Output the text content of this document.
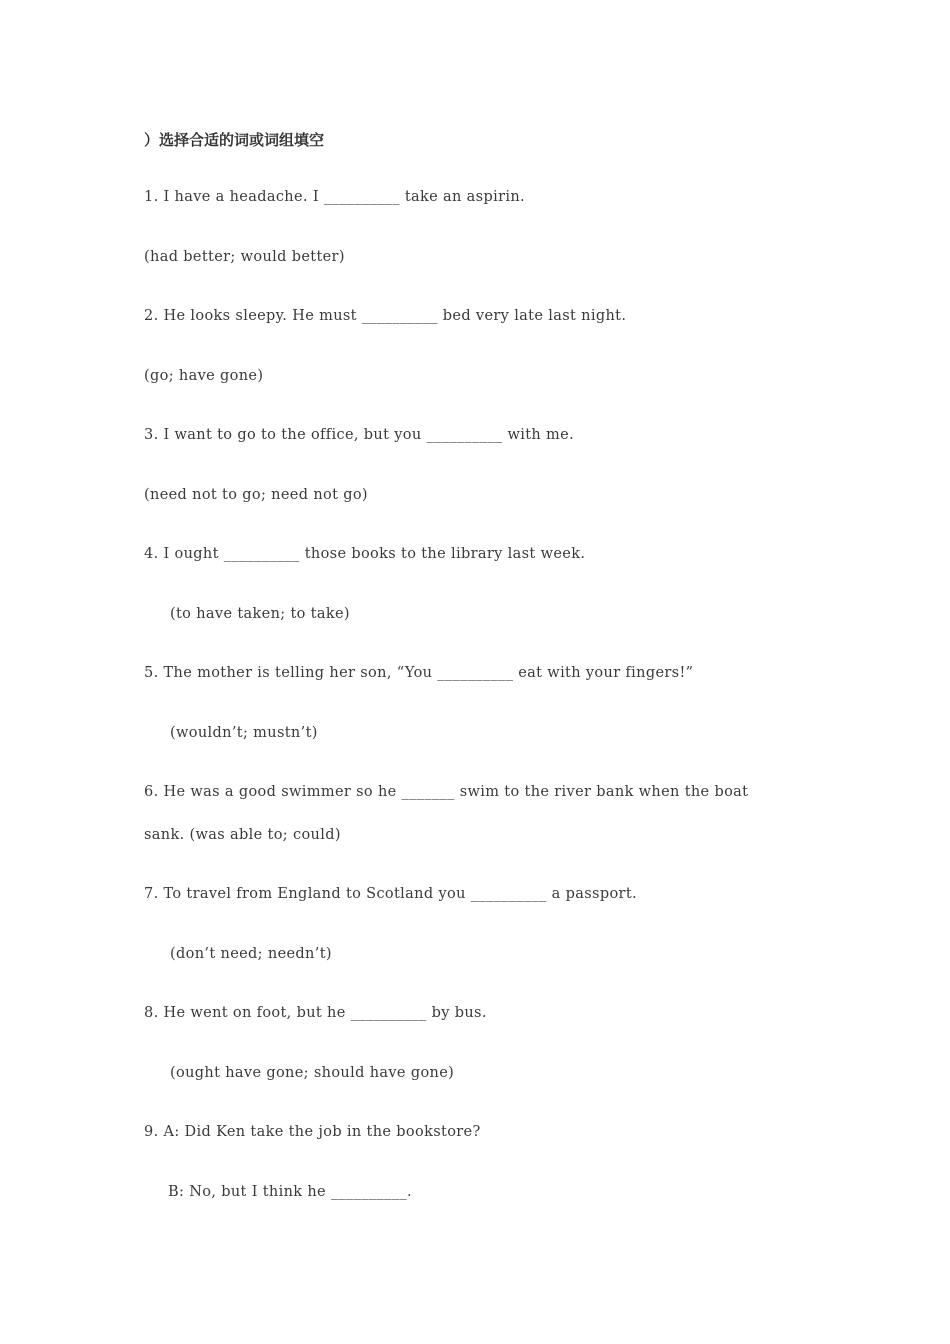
）选择合适的词或词组填空
1. I have a headache. I __________ take an aspirin.
(had better; would better)
2. He looks sleepy. He must __________ bed very late last night.
(go; have gone)
3. I want to go to the office, but you __________ with me.
(need not to go; need not go)
4. I ought __________ those books to the library last week.
(to have taken; to take)
5. The mother is telling her son, “You __________ eat with your fingers!”
(wouldn’t; mustn’t)
6. He was a good swimmer so he _______ swim to the river bank when the boat
sank. (was able to; could)
7. To travel from England to Scotland you __________ a passport.
(don’t need; needn’t)
8. He went on foot, but he __________ by bus.
(ought have gone; should have gone)
9. A: Did Ken take the job in the bookstore?
B: No, but I think he __________.
